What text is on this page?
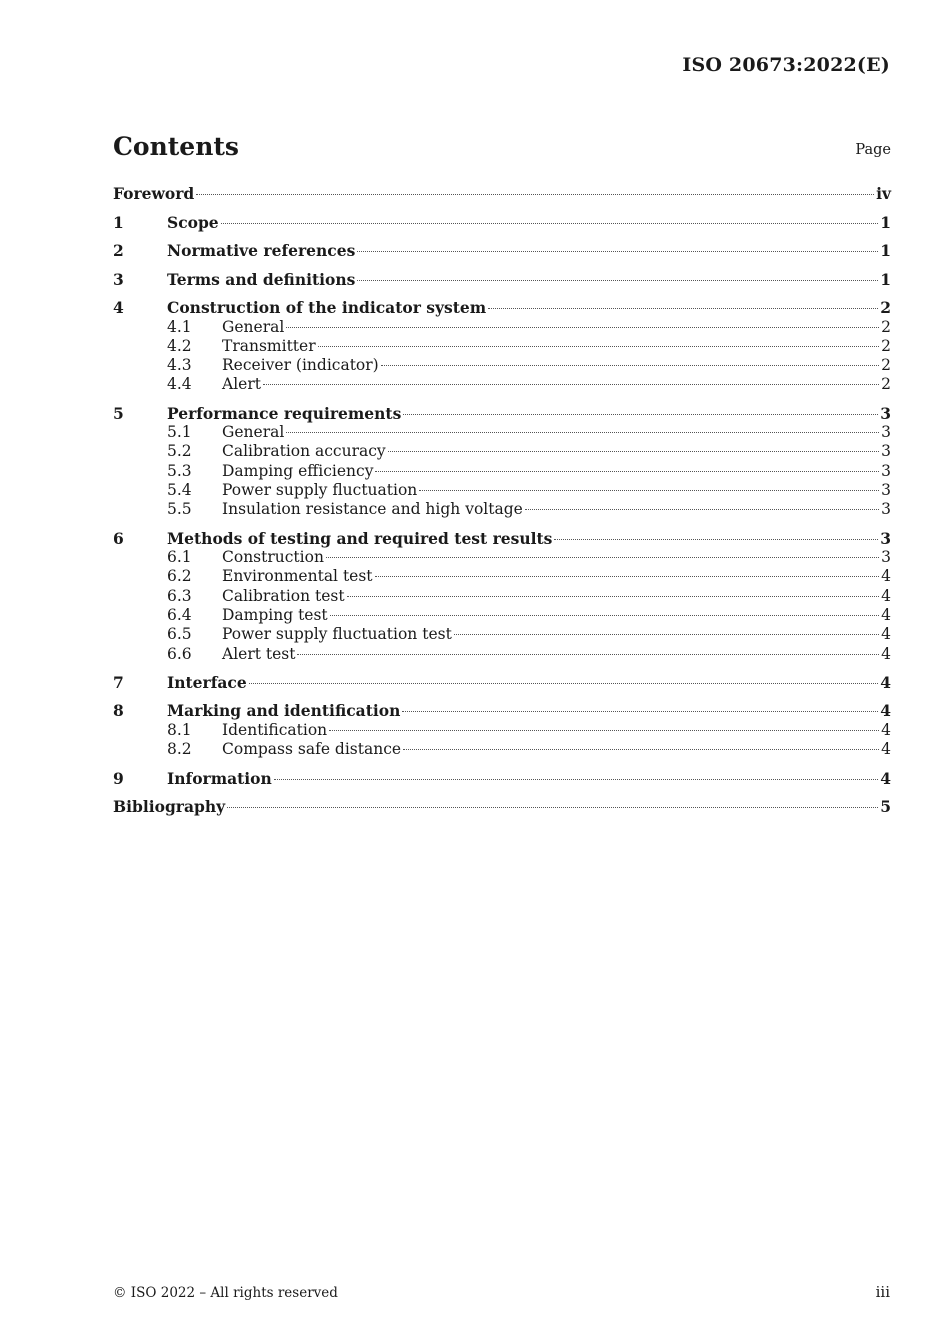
ISO 20673:2022(E)
Contents	Page
Foreword	iv
1	Scope	1
2	Normative references	1
3	Terms and definitions	1
4	Construction of the indicator system	2
4.1	General	2
4.2	Transmitter	2
4.3	Receiver (indicator)	2
4.4	Alert	2
5	Performance requirements	3
5.1	General	3
5.2	Calibration accuracy	3
5.3	Damping efficiency	3
5.4	Power supply fluctuation	3
5.5	Insulation resistance and high voltage	3
6	Methods of testing and required test results	3
6.1	Construction	3
6.2	Environmental test	4
6.3	Calibration test	4
6.4	Damping test	4
6.5	Power supply fluctuation test	4
6.6	Alert test	4
7	Interface	4
8	Marking and identification	4
8.1	Identification	4
8.2	Compass safe distance	4
9	Information	4
Bibliography	5
© ISO 2022 – All rights reserved	iii
